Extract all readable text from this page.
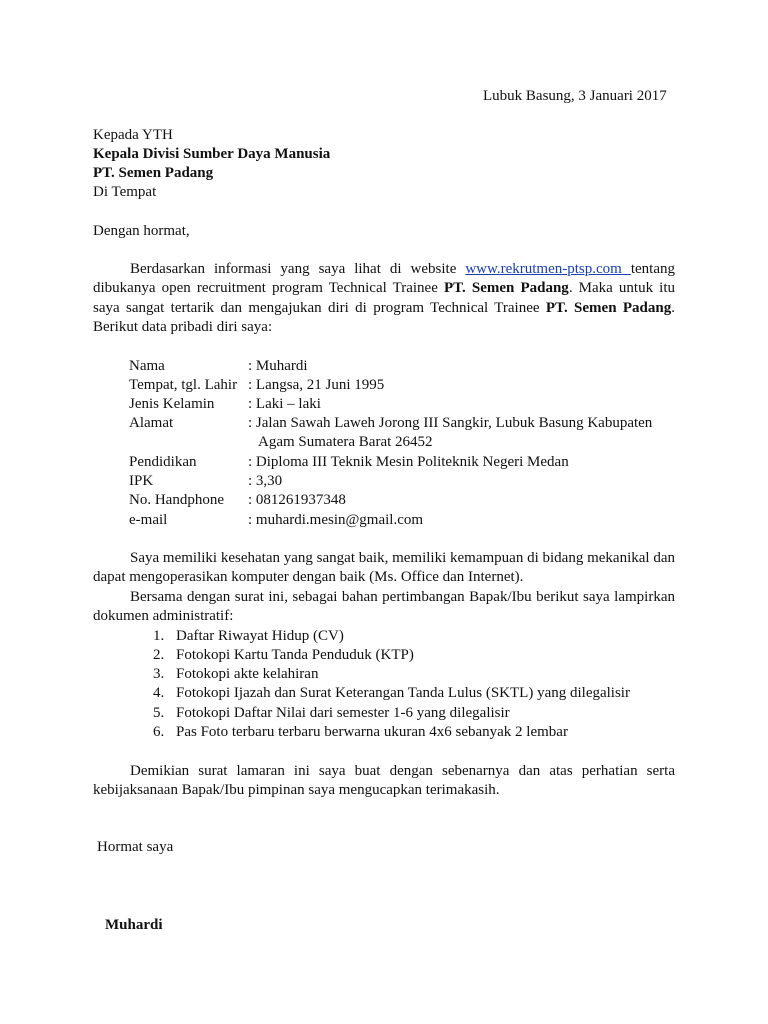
Lubuk Basung, 3 Januari 2017
Kepada YTH
Kepala Divisi Sumber Daya Manusia
PT. Semen Padang
Di Tempat
Dengan hormat,
Berdasarkan informasi yang saya lihat di website www.rekrutmen-ptsp.com tentang dibukanya open recruitment program Technical Trainee PT. Semen Padang. Maka untuk itu saya sangat tertarik dan mengajukan diri di program Technical Trainee PT. Semen Padang. Berikut data pribadi diri saya:
Nama	: Muhardi
Tempat, tgl. Lahir : Langsa, 21 Juni 1995
Jenis Kelamin : Laki – laki
Alamat	: Jalan Sawah Laweh Jorong III Sangkir, Lubuk Basung Kabupaten
Agam Sumatera Barat 26452
Pendidikan	: Diploma III Teknik Mesin Politeknik Negeri Medan
IPK	: 3,30
No. Handphone : 081261937348
e-mail	: muhardi.mesin@gmail.com
Saya memiliki kesehatan yang sangat baik, memiliki kemampuan di bidang mekanikal dan dapat mengoperasikan komputer dengan baik (Ms. Office dan Internet).
Bersama dengan surat ini, sebagai bahan pertimbangan Bapak/Ibu berikut saya lampirkan dokumen administratif:
1. Daftar Riwayat Hidup (CV)
2. Fotokopi Kartu Tanda Penduduk (KTP)
3. Fotokopi akte kelahiran
4. Fotokopi Ijazah dan Surat Keterangan Tanda Lulus (SKTL) yang dilegalisir
5. Fotokopi Daftar Nilai dari semester 1-6 yang dilegalisir
6. Pas Foto terbaru terbaru berwarna ukuran 4x6 sebanyak 2 lembar
Demikian surat lamaran ini saya buat dengan sebenarnya dan atas perhatian serta kebijaksanaan Bapak/Ibu pimpinan saya mengucapkan terimakasih.
Hormat saya
Muhardi
